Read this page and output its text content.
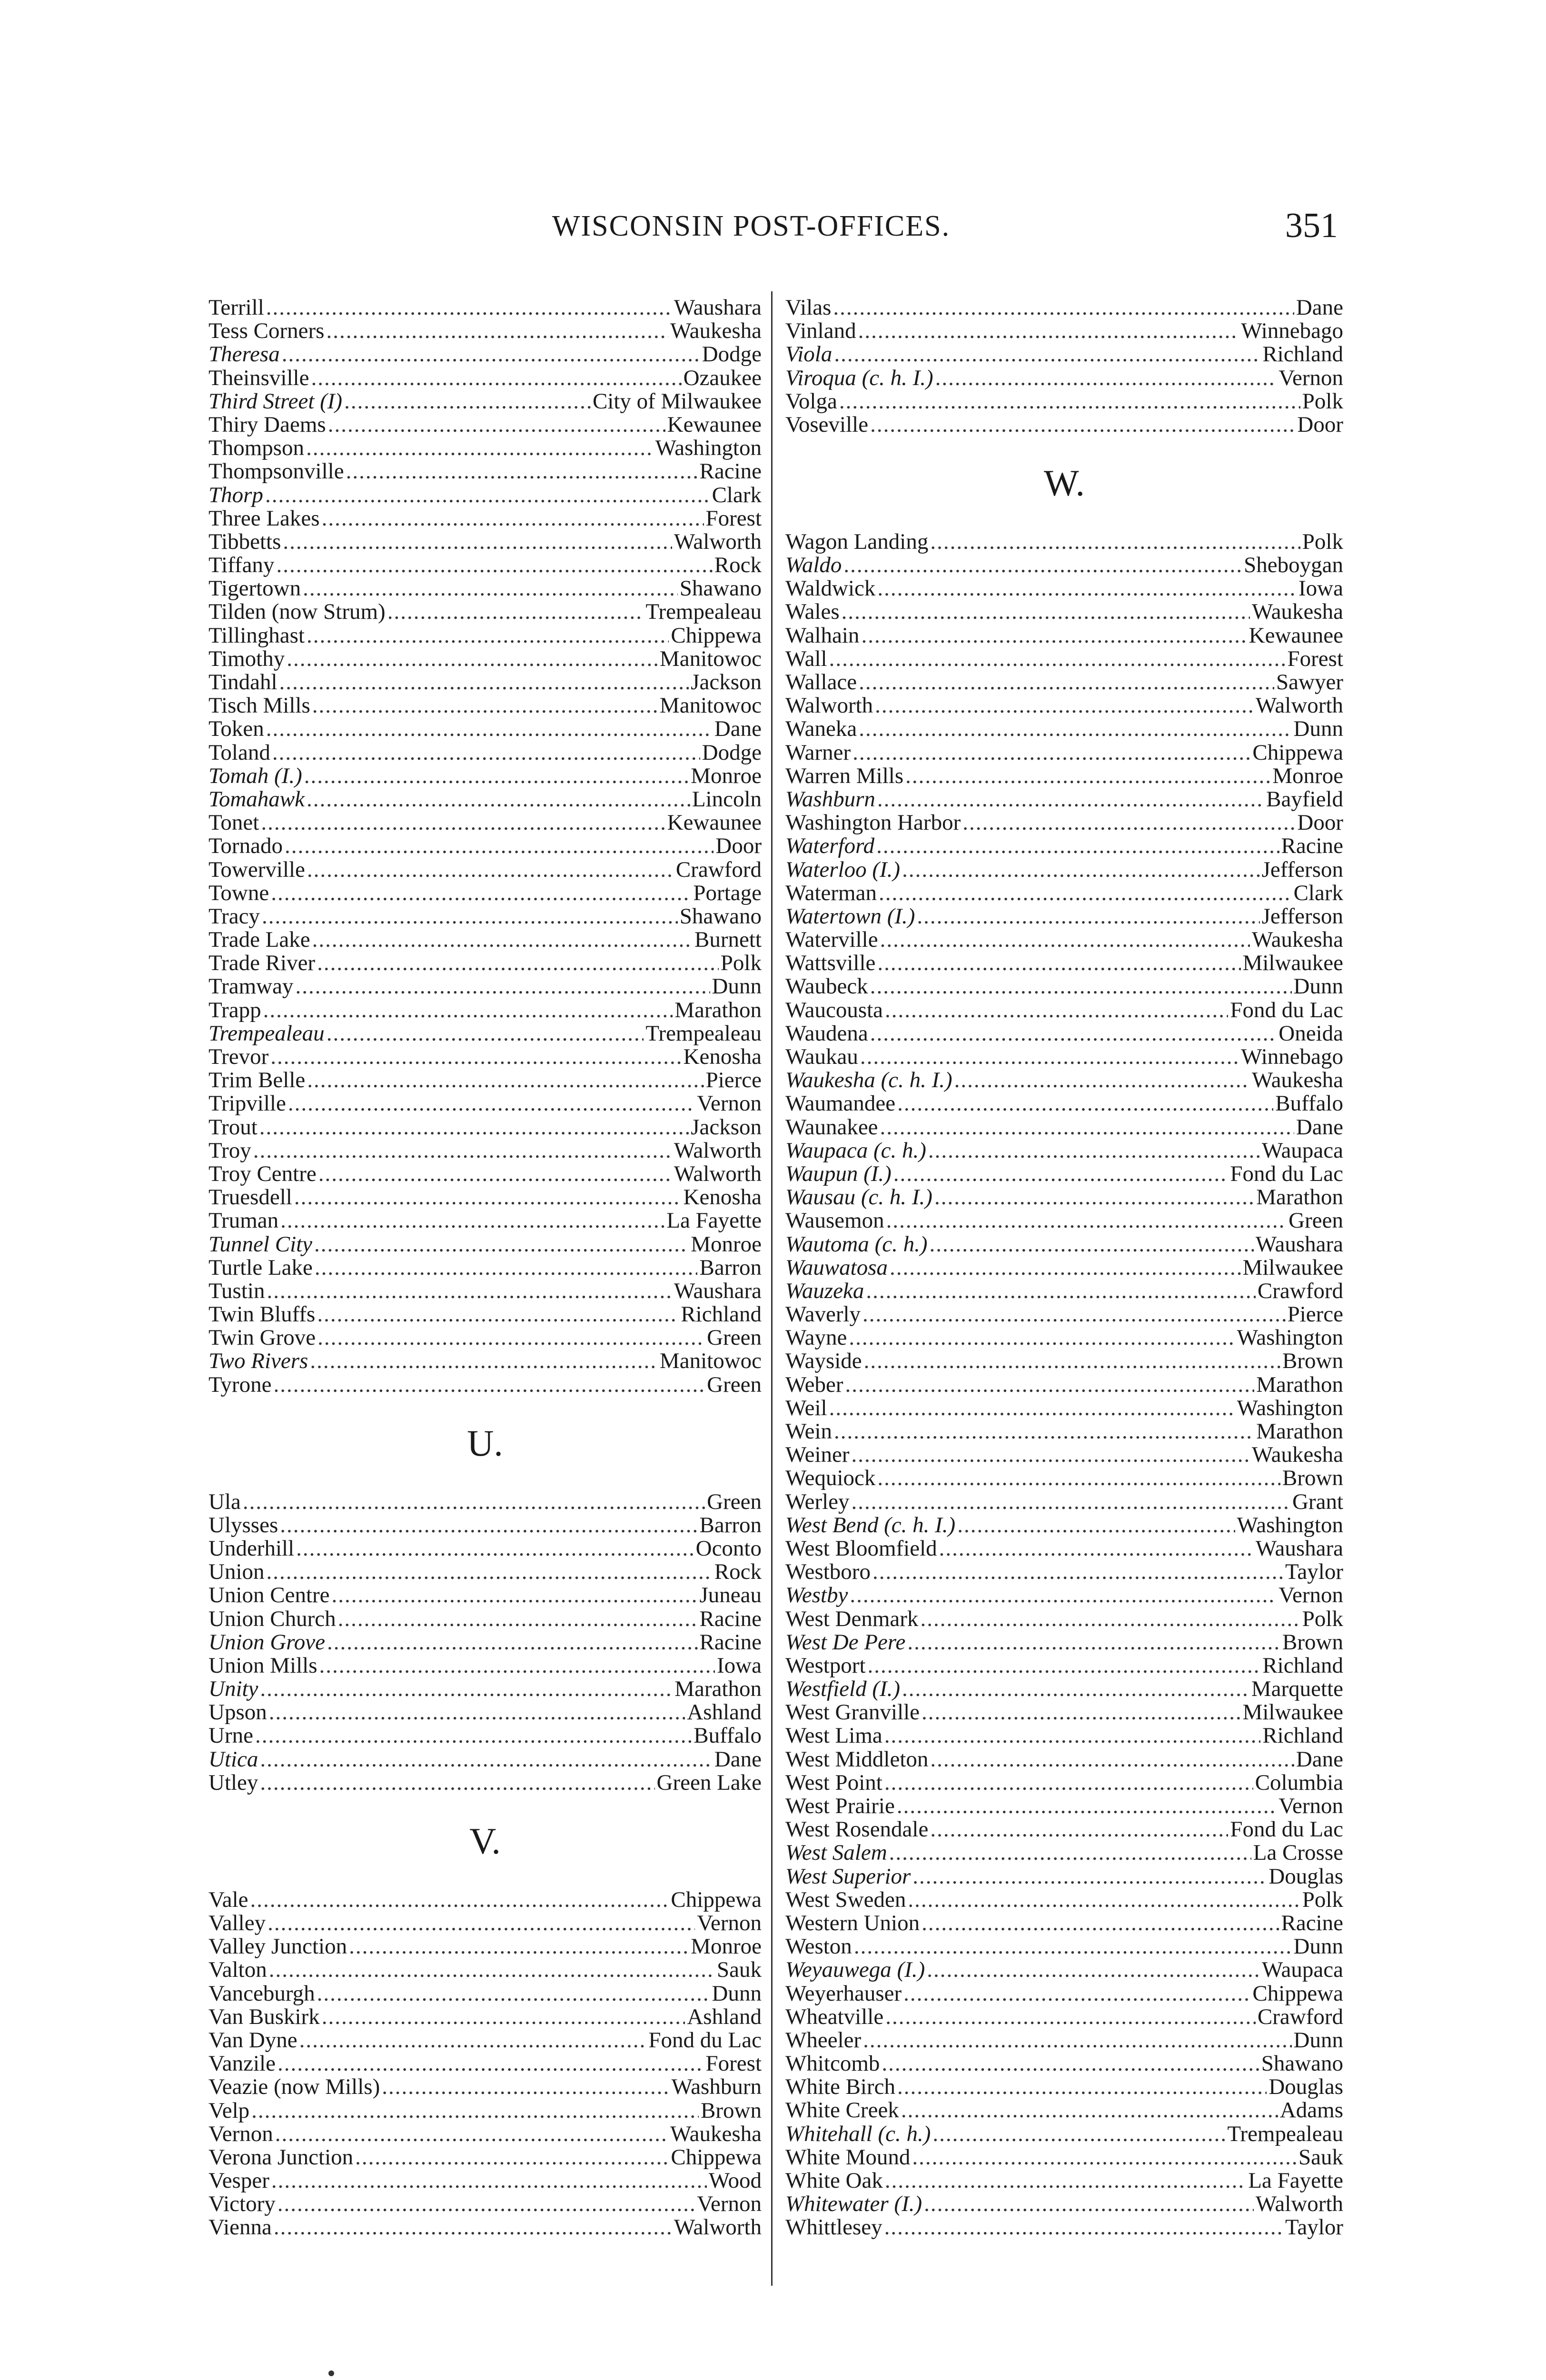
WISCONSIN POST-OFFICES.	351
Terrill .....	Waushara
Tess Corners .....	Waukesha
Theresa .....	Dodge
Theinsville .....	Ozaukee
Third Street (I) .....	City of Milwaukee
Thiry Daems .....	Kewaunee
Thompson .....	Washington
Thompsonville .....	Racine
Thorp .....	Clark
Three Lakes .....	Forest
Tibbetts .....	Walworth
Tiffany .....	Rock
Tigertown .....	Shawano
Tilden (now Strum) .....	Trempealeau
Tillinghast .....	Chippewa
Timothy .....	Manitowoc
Tindahl .....	Jackson
Tisch Mills .....	Manitowoc
Token .....	Dane
Toland .....	Dodge
Tomah (I.) .....	Monroe
Tomahawk .....	Lincoln
Tonet .....	Kewaunee
Tornado .....	Door
Towerville .....	Crawford
Towne .....	Portage
Tracy .....	Shawano
Trade Lake .....	Burnett
Trade River .....	Polk
Tramway .....	Dunn
Trapp .....	Marathon
Trempealeau .....	Trempealeau
Trevor .....	Kenosha
Trim Belle .....	Pierce
Tripville .....	Vernon
Trout .....	Jackson
Troy .....	Walworth
Troy Centre .....	Walworth
Truesdell .....	Kenosha
Truman .....	La Fayette
Tunnel City .....	Monroe
Turtle Lake .....	Barron
Tustin .....	Waushara
Twin Bluffs .....	Richland
Twin Grove .....	Green
Two Rivers .....	Manitowoc
Tyrone .....	Green
U.
Ula .....	Green
Ulysses .....	Barron
Underhill .....	Oconto
Union .....	Rock
Union Centre .....	Juneau
Union Church .....	Racine
Union Grove .....	Racine
Union Mills .....	Iowa
Unity .....	Marathon
Upson .....	Ashland
Urne .....	Buffalo
Utica .....	Dane
Utley .....	Green Lake
V.
Vale .....	Chippewa
Valley .....	Vernon
Valley Junction .....	Monroe
Valton .....	Sauk
Vanceburgh .....	Dunn
Van Buskirk .....	Ashland
Van Dyne .....	Fond du Lac
Vanzile .....	Forest
Veazie (now Mills) .....	Washburn
Velp .....	Brown
Vernon .....	Waukesha
Verona Junction .....	Chippewa
Vesper .....	Wood
Victory .....	Vernon
Vienna .....	Walworth
Vilas .....	Dane
Vinland .....	Winnebago
Viola .....	Richland
Viroqua (c. h. I.) .....	Vernon
Volga .....	Polk
Voseville .....	Door
W.
Wagon Landing .....	Polk
Waldo .....	Sheboygan
Waldwick .....	Iowa
Wales .....	Waukesha
Walhain .....	Kewaunee
Wall .....	Forest
Wallace .....	Sawyer
Walworth .....	Walworth
Waneka .....	Dunn
Warner .....	Chippewa
Warren Mills .....	Monroe
Washburn .....	Bayfield
Washington Harbor .....	Door
Waterford .....	Racine
Waterloo (I.) .....	Jefferson
Waterman .....	Clark
Watertown (I.) .....	Jefferson
Waterville .....	Waukesha
Wattsville .....	Milwaukee
Waubeck .....	Dunn
Waucousta .....	Fond du Lac
Waudena .....	Oneida
Waukau .....	Winnebago
Waukesha (c. h. I.) .....	Waukesha
Waumandee .....	Buffalo
Waunakee .....	Dane
Waupaca (c. h.) .....	Waupaca
Waupun (I.) .....	Fond du Lac
Wausau (c. h. I.) .....	Marathon
Wausemon .....	Green
Wautoma (c. h.) .....	Waushara
Wauwatosa .....	Milwaukee
Wauzeka .....	Crawford
Waverly .....	Pierce
Wayne .....	Washington
Wayside .....	Brown
Weber .....	Marathon
Weil .....	Washington
Wein .....	Marathon
Weiner .....	Waukesha
Wequiock .....	Brown
Werley .....	Grant
West Bend (c. h. I.) .....	Washington
West Bloomfield .....	Waushara
Westboro .....	Taylor
Westby .....	Vernon
West Denmark .....	Polk
West De Pere .....	Brown
Westport .....	Richland
Westfield (I.) .....	Marquette
West Granville .....	Milwaukee
West Lima .....	Richland
West Middleton .....	Dane
West Point .....	Columbia
West Prairie .....	Vernon
West Rosendale .....	Fond du Lac
West Salem .....	La Crosse
West Superior .....	Douglas
West Sweden .....	Polk
Western Union .....	Racine
Weston .....	Dunn
Weyauwega (I.) .....	Waupaca
Weyerhauser .....	Chippewa
Wheatville .....	Crawford
Wheeler .....	Dunn
Whitcomb .....	Shawano
White Birch .....	Douglas
White Creek .....	Adams
Whitehall (c. h.) .....	Trempealeau
White Mound .....	Sauk
White Oak .....	La Fayette
Whitewater (I.) .....	Walworth
Whittlesey .....	Taylor
